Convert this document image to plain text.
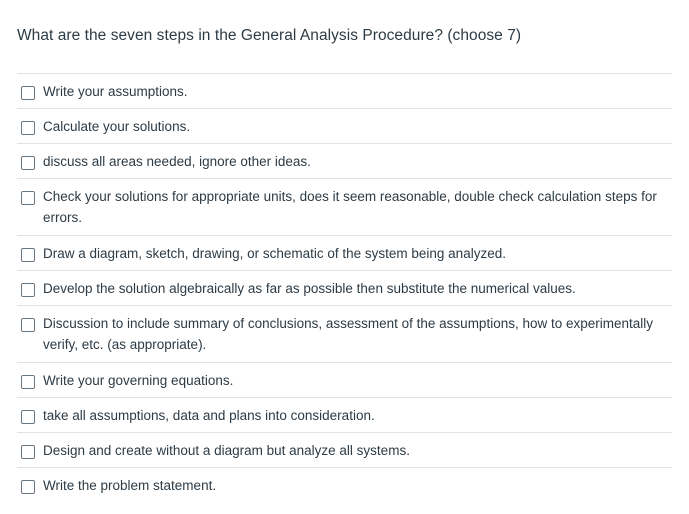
What are the seven steps in the General Analysis Procedure? (choose 7)
Write your assumptions.
Calculate your solutions.
discuss all areas needed, ignore other ideas.
Check your solutions for appropriate units, does it seem reasonable, double check calculation steps for errors.
Draw a diagram, sketch, drawing, or schematic of the system being analyzed.
Develop the solution algebraically as far as possible then substitute the numerical values.
Discussion to include summary of conclusions, assessment of the assumptions, how to experimentally verify, etc. (as appropriate).
Write your governing equations.
take all assumptions, data and plans into consideration.
Design and create without a diagram but analyze all systems.
Write the problem statement.
